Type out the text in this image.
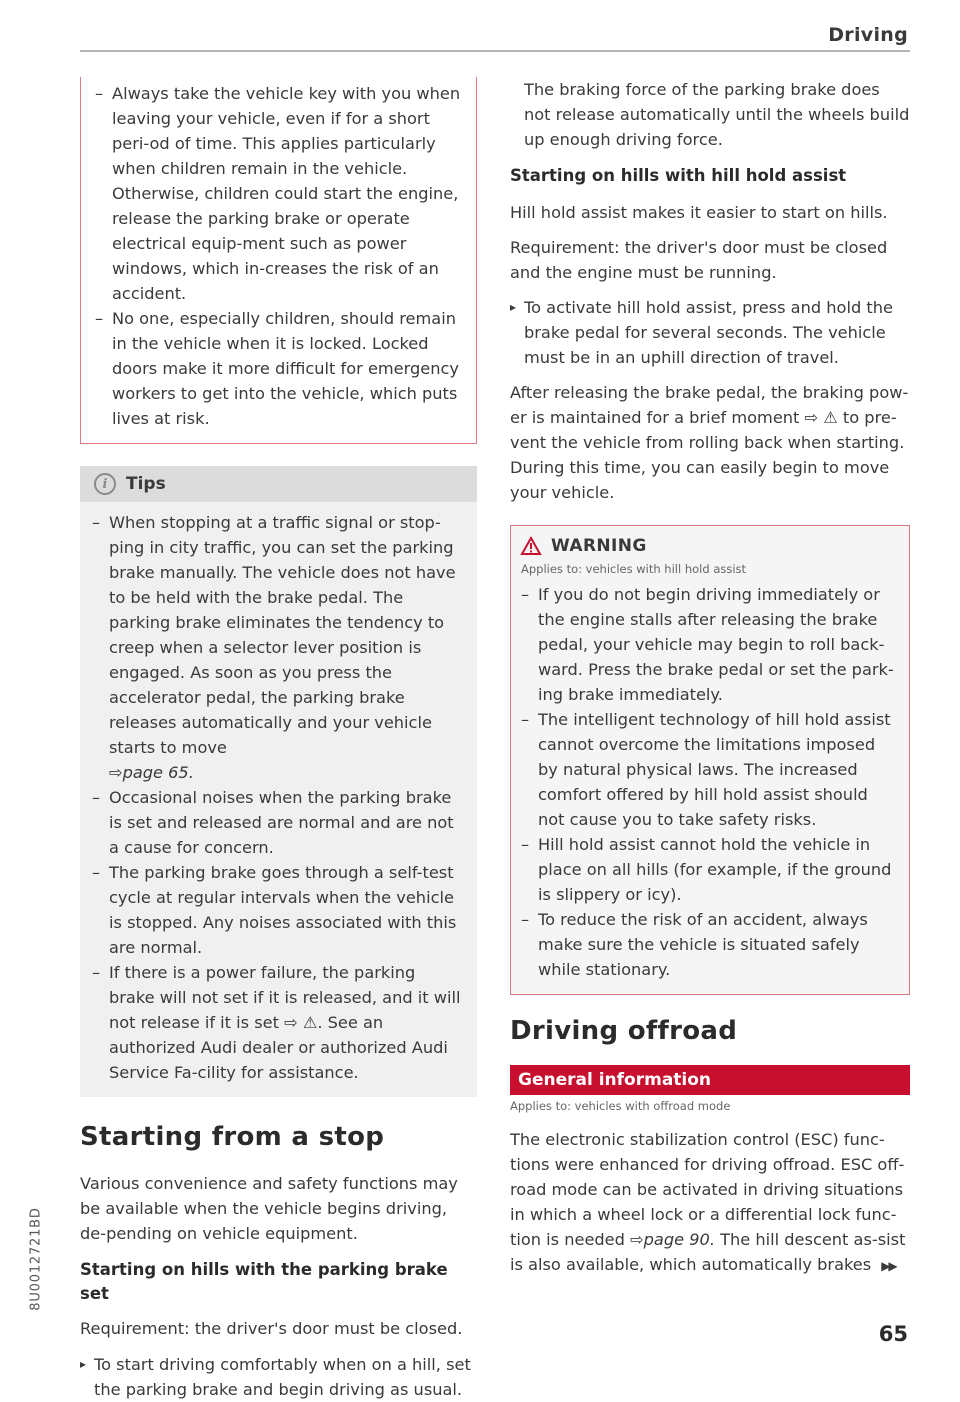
Driving
8U0012721BD
– Always take the vehicle key with you when leaving your vehicle, even if for a short peri-od of time. This applies particularly when children remain in the vehicle. Otherwise, children could start the engine, release the parking brake or operate electrical equip-ment such as power windows, which in-creases the risk of an accident.
– No one, especially children, should remain in the vehicle when it is locked. Locked doors make it more difficult for emergency workers to get into the vehicle, which puts lives at risk.
i	Tips
– When stopping at a traffic signal or stop-ping in city traffic, you can set the parking brake manually. The vehicle does not have to be held with the brake pedal. The parking brake eliminates the tendency to creep when a selector lever position is engaged. As soon as you press the accelerator pedal, the parking brake releases automatically and your vehicle starts to move
⇨page 65.
– Occasional noises when the parking brake is set and released are normal and are not a cause for concern.
– The parking brake goes through a self-test cycle at regular intervals when the vehicle is stopped. Any noises associated with this are normal.
– If there is a power failure, the parking brake will not set if it is released, and it will not release if it is set ⇨ ⚠. See an authorized Audi dealer or authorized Audi Service Fa-cility for assistance.
Starting from a stop

Various convenience and safety functions may be available when the vehicle begins driving, de-pending on vehicle equipment.

Starting on hills with the parking brake set

Requirement: the driver's door must be closed.

▸ To start driving comfortably when on a hill, set the parking brake and begin driving as usual.

The braking force of the parking brake does not release automatically until the wheels build up enough driving force.

Starting on hills with hill hold assist

Hill hold assist makes it easier to start on hills.

Requirement: the driver's door must be closed and the engine must be running.

▸ To activate hill hold assist, press and hold the brake pedal for several seconds. The vehicle must be in an uphill direction of travel.

After releasing the brake pedal, the braking pow-er is maintained for a brief moment ⇨ ⚠ to pre-vent the vehicle from rolling back when starting. During this time, you can easily begin to move your vehicle.

WARNING
Applies to: vehicles with hill hold assist
– If you do not begin driving immediately or the engine stalls after releasing the brake pedal, your vehicle may begin to roll back-ward. Press the brake pedal or set the park-ing brake immediately.
– The intelligent technology of hill hold assist cannot overcome the limitations imposed by natural physical laws. The increased comfort offered by hill hold assist should not cause you to take safety risks.
– Hill hold assist cannot hold the vehicle in place on all hills (for example, if the ground is slippery or icy).
– To reduce the risk of an accident, always make sure the vehicle is situated safely while stationary.
Driving offroad
General information
Applies to: vehicles with offroad mode

The electronic stabilization control (ESC) func-tions were enhanced for driving offroad. ESC off-road mode can be activated in driving situations in which a wheel lock or a differential lock func-tion is needed ⇨page 90. The hill descent as-sist is also available, which automatically brakes ▶▶

65
